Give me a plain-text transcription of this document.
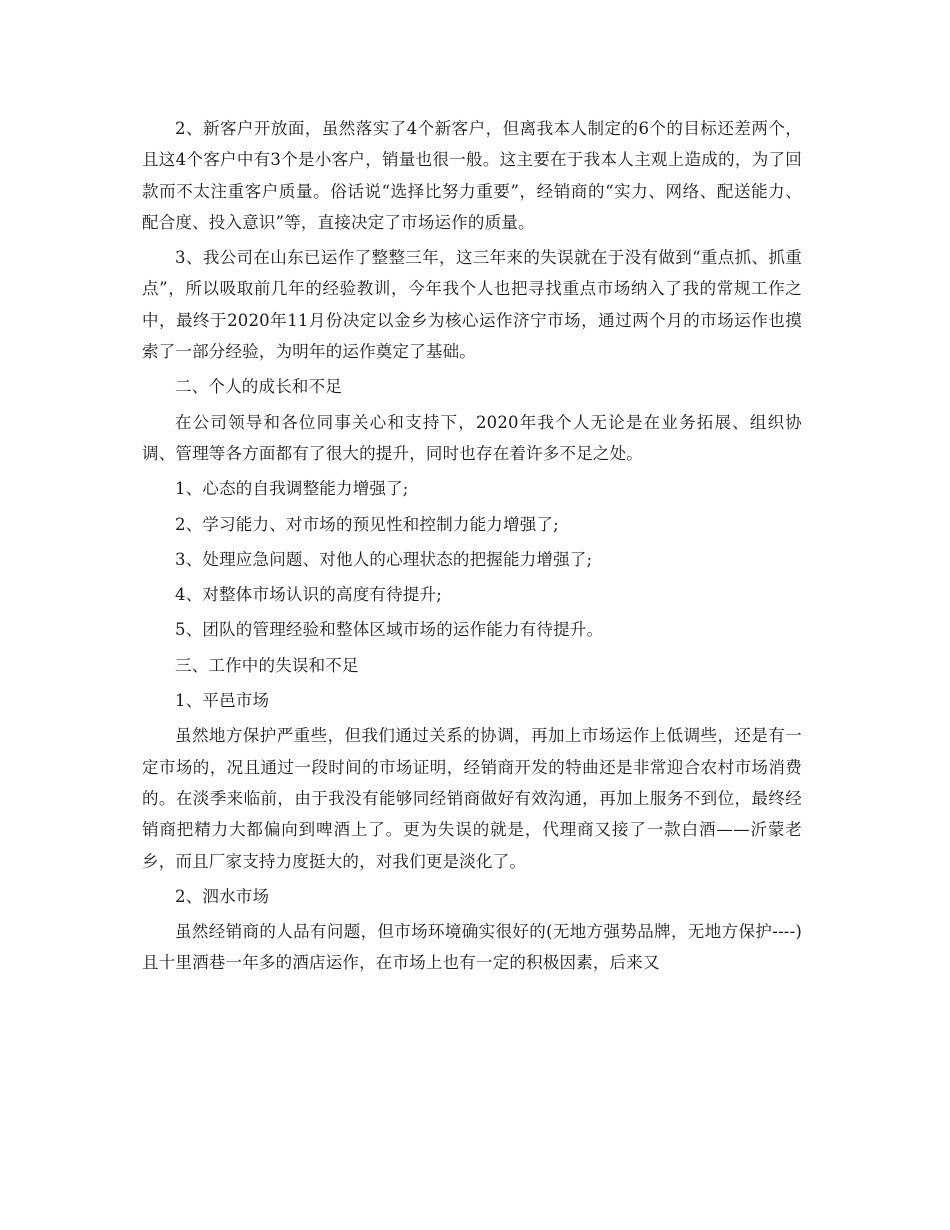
2、新客户开放面，虽然落实了4个新客户，但离我本人制定的6个的目标还差两个，且这4个客户中有3个是小客户，销量也很一般。这主要在于我本人主观上造成的，为了回款而不太注重客户质量。俗话说“选择比努力重要”，经销商的“实力、网络、配送能力、配合度、投入意识”等，直接决定了市场运作的质量。

3、我公司在山东已运作了整整三年，这三年来的失误就在于没有做到“重点抓、抓重点”，所以吸取前几年的经验教训，今年我个人也把寻找重点市场纳入了我的常规工作之中，最终于2020年11月份决定以金乡为核心运作济宁市场，通过两个月的市场运作也摸索了一部分经验，为明年的运作奠定了基础。

二、个人的成长和不足

在公司领导和各位同事关心和支持下，2020年我个人无论是在业务拓展、组织协调、管理等各方面都有了很大的提升，同时也存在着许多不足之处。

1、心态的自我调整能力增强了;

2、学习能力、对市场的预见性和控制力能力增强了;

3、处理应急问题、对他人的心理状态的把握能力增强了;

4、对整体市场认识的高度有待提升;

5、团队的管理经验和整体区域市场的运作能力有待提升。

三、工作中的失误和不足

1、平邑市场

虽然地方保护严重些，但我们通过关系的协调，再加上市场运作上低调些，还是有一定市场的，况且通过一段时间的市场证明，经销商开发的特曲还是非常迎合农村市场消费的。在淡季来临前，由于我没有能够同经销商做好有效沟通，再加上服务不到位，最终经销商把精力大都偏向到啤酒上了。更为失误的就是，代理商又接了一款白酒——沂蒙老乡，而且厂家支持力度挺大的，对我们更是淡化了。

2、泗水市场

虽然经销商的人品有问题，但市场环境确实很好的(无地方强势品牌，无地方保护----)且十里酒巷一年多的酒店运作，在市场上也有一定的积极因素，后来又
